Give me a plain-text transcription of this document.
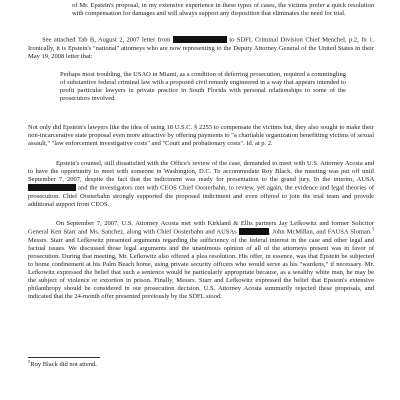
of Mr. Epstein's proposal, in my extensive experience in these types of cases, the victims prefer a quick resolution with compensation for damages and will always support any disposition that eliminates the need for trial.

See attached Tab B, August 2, 2007 letter from	to SDFL Criminal Division Chief Menchel, p.2, fn 1. Ironically, it is Epstein's "national" attorneys who are now representing to the Deputy Attorney General of the United States in their May 19, 2008 letter that:

Perhaps most troubling, the USAO in Miami, as a condition of deferring prosecution, required a commingling of substantive federal criminal law with a proposed civil remedy engineered in a way that appears intended to profit particular lawyers in private practice in South Florida with personal relationships to some of the prosecutors involved.

Not only did Epstein's lawyers like the idea of using 18 U.S.C. § 2255 to compensate the victims but, they also sought to make their non-incarcerative state proposal even more attractive by offering payments to "a charitable organization benefitting victims of sexual assault," "law enforcement investigative costs" and "Court and probationary costs". Id. at p. 2.

Epstein's counsel, still dissatisfied with the Office's review of the case, demanded to meet with U.S. Attorney Acosta and to have the opportunity to meet with someone in Washington, D.C. To accommodate Roy Black, the meeting was put off until September 7, 2007, despite the fact that the indictment was ready for presentation to the grand jury. In the interim, AUSA  and the investigators met with CEOS Chief Oosterbahn, to review, yet again, the evidence and legal theories of prosecution. Chief Oosterbahn strongly supported the proposed indictment and even offered to join the trial team and provide additional support from CEOS.

On September 7, 2007, U.S. Attorney Acosta met with Kirkland & Ellis partners Jay Lefkowitz and former Solicitor General Ken Starr and Ms. Sanchez, along with Chief Oosterbahn and AUSAs	, John McMillan, and FAUSA Sloman.$^5$ Messrs. Starr and Lefkowitz presented arguments regarding the sufficiency of the federal interest in the case and other legal and factual issues. We discussed those legal arguments and the unanimous opinion of all of the attorneys present was in favor of prosecution. During that meeting, Mr. Lefkowitz also offered a plea resolution. His offer, in essence, was that Epstein be subjected to home confinement at his Palm Beach home, using private security officers who would serve as his "wardens," if necessary. Mr. Lefkowitz expressed the belief that such a sentence would be particularly appropriate because, as a wealthy white man, he may be the subject of violence or extortion in prison. Finally, Messrs. Starr and Lefkowitz expressed the belief that Epstein's extensive philanthropy should be considered in our prosecution decision. U.S. Attorney Acosta summarily rejected these proposals, and indicated that the 24-month offer presented previously by the SDFL stood.

$^5$Roy Black did not attend.
